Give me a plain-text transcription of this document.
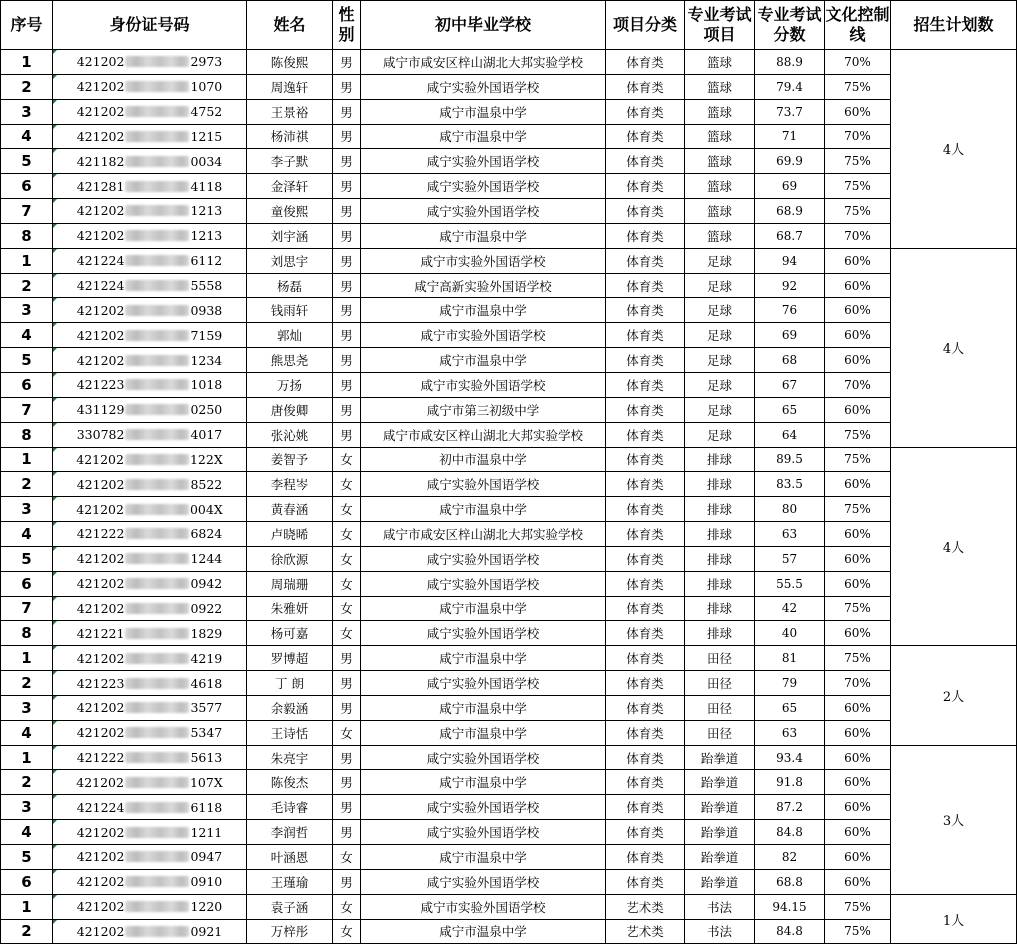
序号	身份证号码	姓名	性别	初中毕业学校	项目分类	专业考试项目	专业考试分数	文化控制线	招生计划数
1	421202 2973	陈俊熙	男	咸宁市咸安区梓山湖北大邦实验学校	体育类	篮球	88.9	70%	4人
2	421202 1070	周逸轩	男	咸宁实验外国语学校	体育类	篮球	79.4	75%	
3	421202 4752	王景裕	男	咸宁市温泉中学	体育类	篮球	73.7	60%	
4	421202 1215	杨沛祺	男	咸宁市温泉中学	体育类	篮球	71	70%	
5	421182 0034	李子默	男	咸宁实验外国语学校	体育类	篮球	69.9	75%	
6	421281 4118	金泽轩	男	咸宁实验外国语学校	体育类	篮球	69	75%	
7	421202 1213	童俊熙	男	咸宁实验外国语学校	体育类	篮球	68.9	75%	
8	421202 1213	刘宇涵	男	咸宁市温泉中学	体育类	篮球	68.7	70%	
1	421224 6112	刘思宇	男	咸宁市实验外国语学校	体育类	足球	94	60%	4人
2	421224 5558	杨磊	男	咸宁高新实验外国语学校	体育类	足球	92	60%	
3	421202 0938	钱雨轩	男	咸宁市温泉中学	体育类	足球	76	60%	
4	421202 7159	郭灿	男	咸宁市实验外国语学校	体育类	足球	69	60%	
5	421202 1234	熊思尧	男	咸宁市温泉中学	体育类	足球	68	60%	
6	421223 1018	万扬	男	咸宁市实验外国语学校	体育类	足球	67	70%	
7	431129 0250	唐俊卿	男	咸宁市第三初级中学	体育类	足球	65	60%	
8	330782 4017	张沁姚	男	咸宁市咸安区梓山湖北大邦实验学校	体育类	足球	64	75%	
1	421202 122X	姜智予	女	初中市温泉中学	体育类	排球	89.5	75%	4人
2	421202 8522	李程岑	女	咸宁实验外国语学校	体育类	排球	83.5	60%	
3	421202 004X	黄春涵	女	咸宁市温泉中学	体育类	排球	80	75%	
4	421222 6824	卢晓晞	女	咸宁市咸安区梓山湖北大邦实验学校	体育类	排球	63	60%	
5	421202 1244	徐欣源	女	咸宁实验外国语学校	体育类	排球	57	60%	
6	421202 0942	周瑞珊	女	咸宁实验外国语学校	体育类	排球	55.5	60%	
7	421202 0922	朱雅妍	女	咸宁市温泉中学	体育类	排球	42	75%	
8	421221 1829	杨可嘉	女	咸宁实验外国语学校	体育类	排球	40	60%	
1	421202 4219	罗博超	男	咸宁市温泉中学	体育类	田径	81	75%	2人
2	421223 4618	丁 朗	男	咸宁实验外国语学校	体育类	田径	79	70%	
3	421202 3577	余毅涵	男	咸宁市温泉中学	体育类	田径	65	60%	
4	421202 5347	王诗恬	女	咸宁市温泉中学	体育类	田径	63	60%	
1	421222 5613	朱亮宇	男	咸宁实验外国语学校	体育类	跆拳道	93.4	60%	3人
2	421202 107X	陈俊杰	男	咸宁市温泉中学	体育类	跆拳道	91.8	60%	
3	421224 6118	毛诗睿	男	咸宁实验外国语学校	体育类	跆拳道	87.2	60%	
4	421202 1211	李润哲	男	咸宁实验外国语学校	体育类	跆拳道	84.8	60%	
5	421202 0947	叶涵恩	女	咸宁市温泉中学	体育类	跆拳道	82	60%	
6	421202 0910	王瑾瑜	男	咸宁实验外国语学校	体育类	跆拳道	68.8	60%	
1	421202 1220	袁子涵	女	咸宁市实验外国语学校	艺术类	书法	94.15	75%	1人
2	421202 0921	万梓彤	女	咸宁市温泉中学	艺术类	书法	84.8	75%	
